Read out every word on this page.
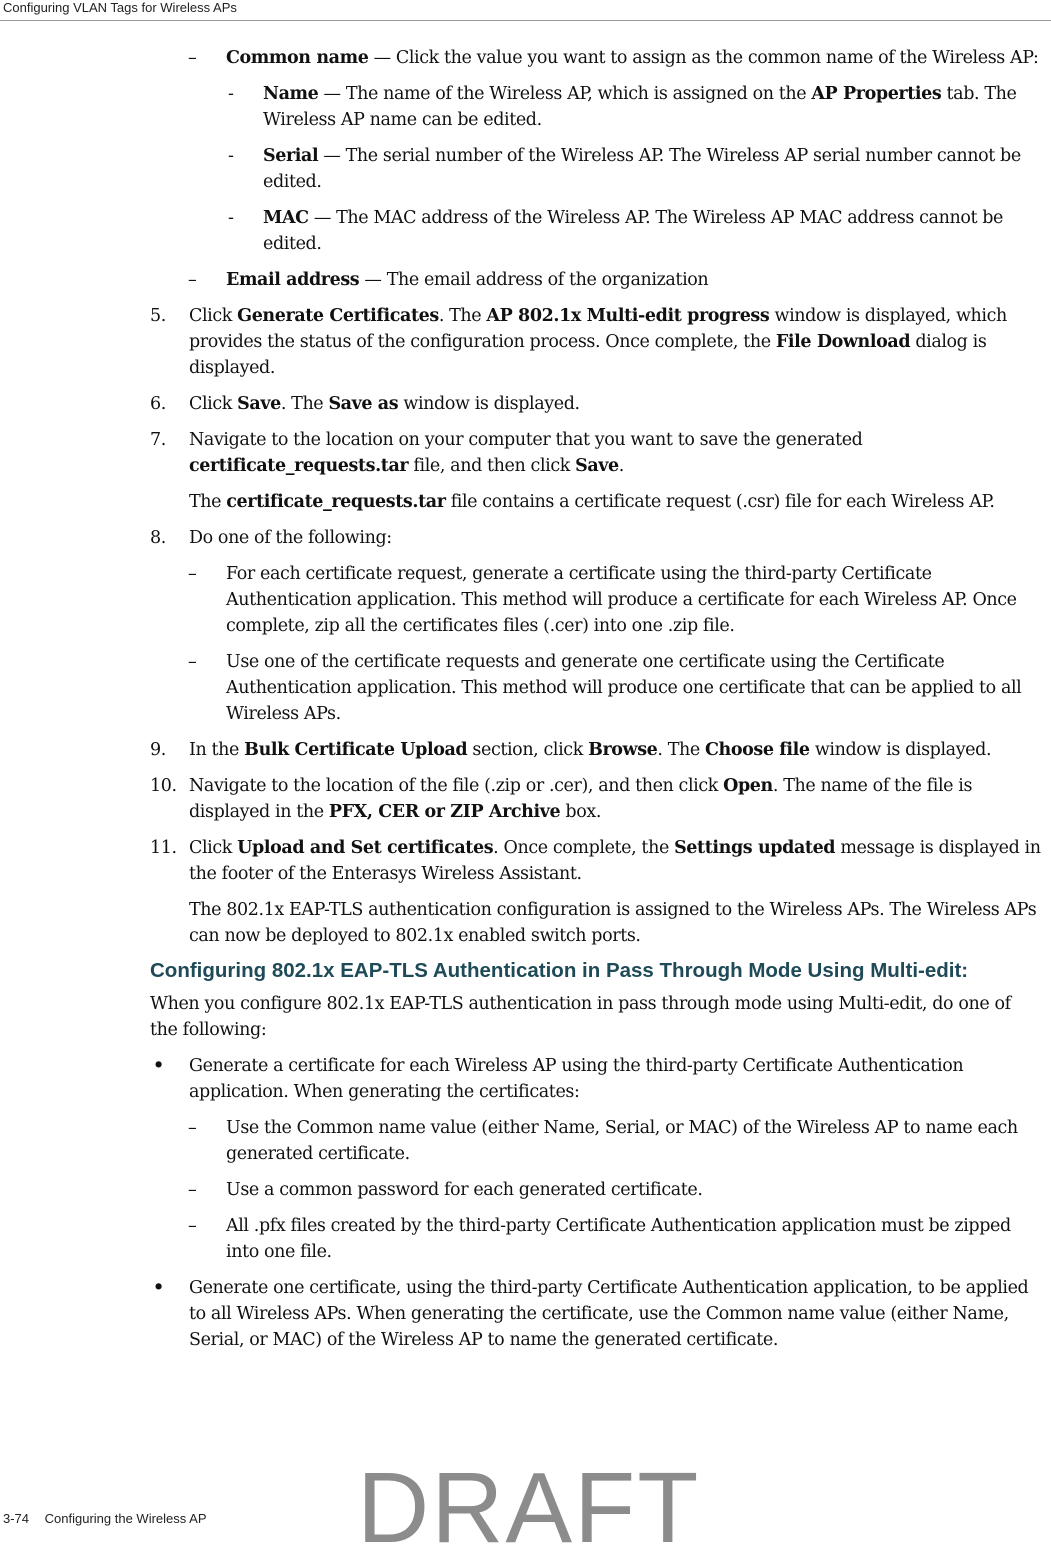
Configuring VLAN Tags for Wireless APs
– Common name — Click the value you want to assign as the common name of the Wireless AP:
- Name — The name of the Wireless AP, which is assigned on the AP Properties tab. The Wireless AP name can be edited.
- Serial — The serial number of the Wireless AP. The Wireless AP serial number cannot be edited.
- MAC — The MAC address of the Wireless AP. The Wireless AP MAC address cannot be edited.
– Email address — The email address of the organization
5. Click Generate Certificates. The AP 802.1x Multi-edit progress window is displayed, which provides the status of the configuration process. Once complete, the File Download dialog is displayed.
6. Click Save. The Save as window is displayed.
7. Navigate to the location on your computer that you want to save the generated certificate_requests.tar file, and then click Save.
The certificate_requests.tar file contains a certificate request (.csr) file for each Wireless AP.
8. Do one of the following:
– For each certificate request, generate a certificate using the third-party Certificate Authentication application. This method will produce a certificate for each Wireless AP. Once complete, zip all the certificates files (.cer) into one .zip file.
– Use one of the certificate requests and generate one certificate using the Certificate Authentication application. This method will produce one certificate that can be applied to all Wireless APs.
9. In the Bulk Certificate Upload section, click Browse. The Choose file window is displayed.
10. Navigate to the location of the file (.zip or .cer), and then click Open. The name of the file is displayed in the PFX, CER or ZIP Archive box.
11. Click Upload and Set certificates. Once complete, the Settings updated message is displayed in the footer of the Enterasys Wireless Assistant.
The 802.1x EAP-TLS authentication configuration is assigned to the Wireless APs. The Wireless APs can now be deployed to 802.1x enabled switch ports.
Configuring 802.1x EAP-TLS Authentication in Pass Through Mode Using Multi-edit:
When you configure 802.1x EAP-TLS authentication in pass through mode using Multi-edit, do one of the following:
• Generate a certificate for each Wireless AP using the third-party Certificate Authentication application. When generating the certificates:
– Use the Common name value (either Name, Serial, or MAC) of the Wireless AP to name each generated certificate.
– Use a common password for each generated certificate.
– All .pfx files created by the third-party Certificate Authentication application must be zipped into one file.
• Generate one certificate, using the third-party Certificate Authentication application, to be applied to all Wireless APs. When generating the certificate, use the Common name value (either Name, Serial, or MAC) of the Wireless AP to name the generated certificate.
3-74 Configuring the Wireless AP DRAFT
